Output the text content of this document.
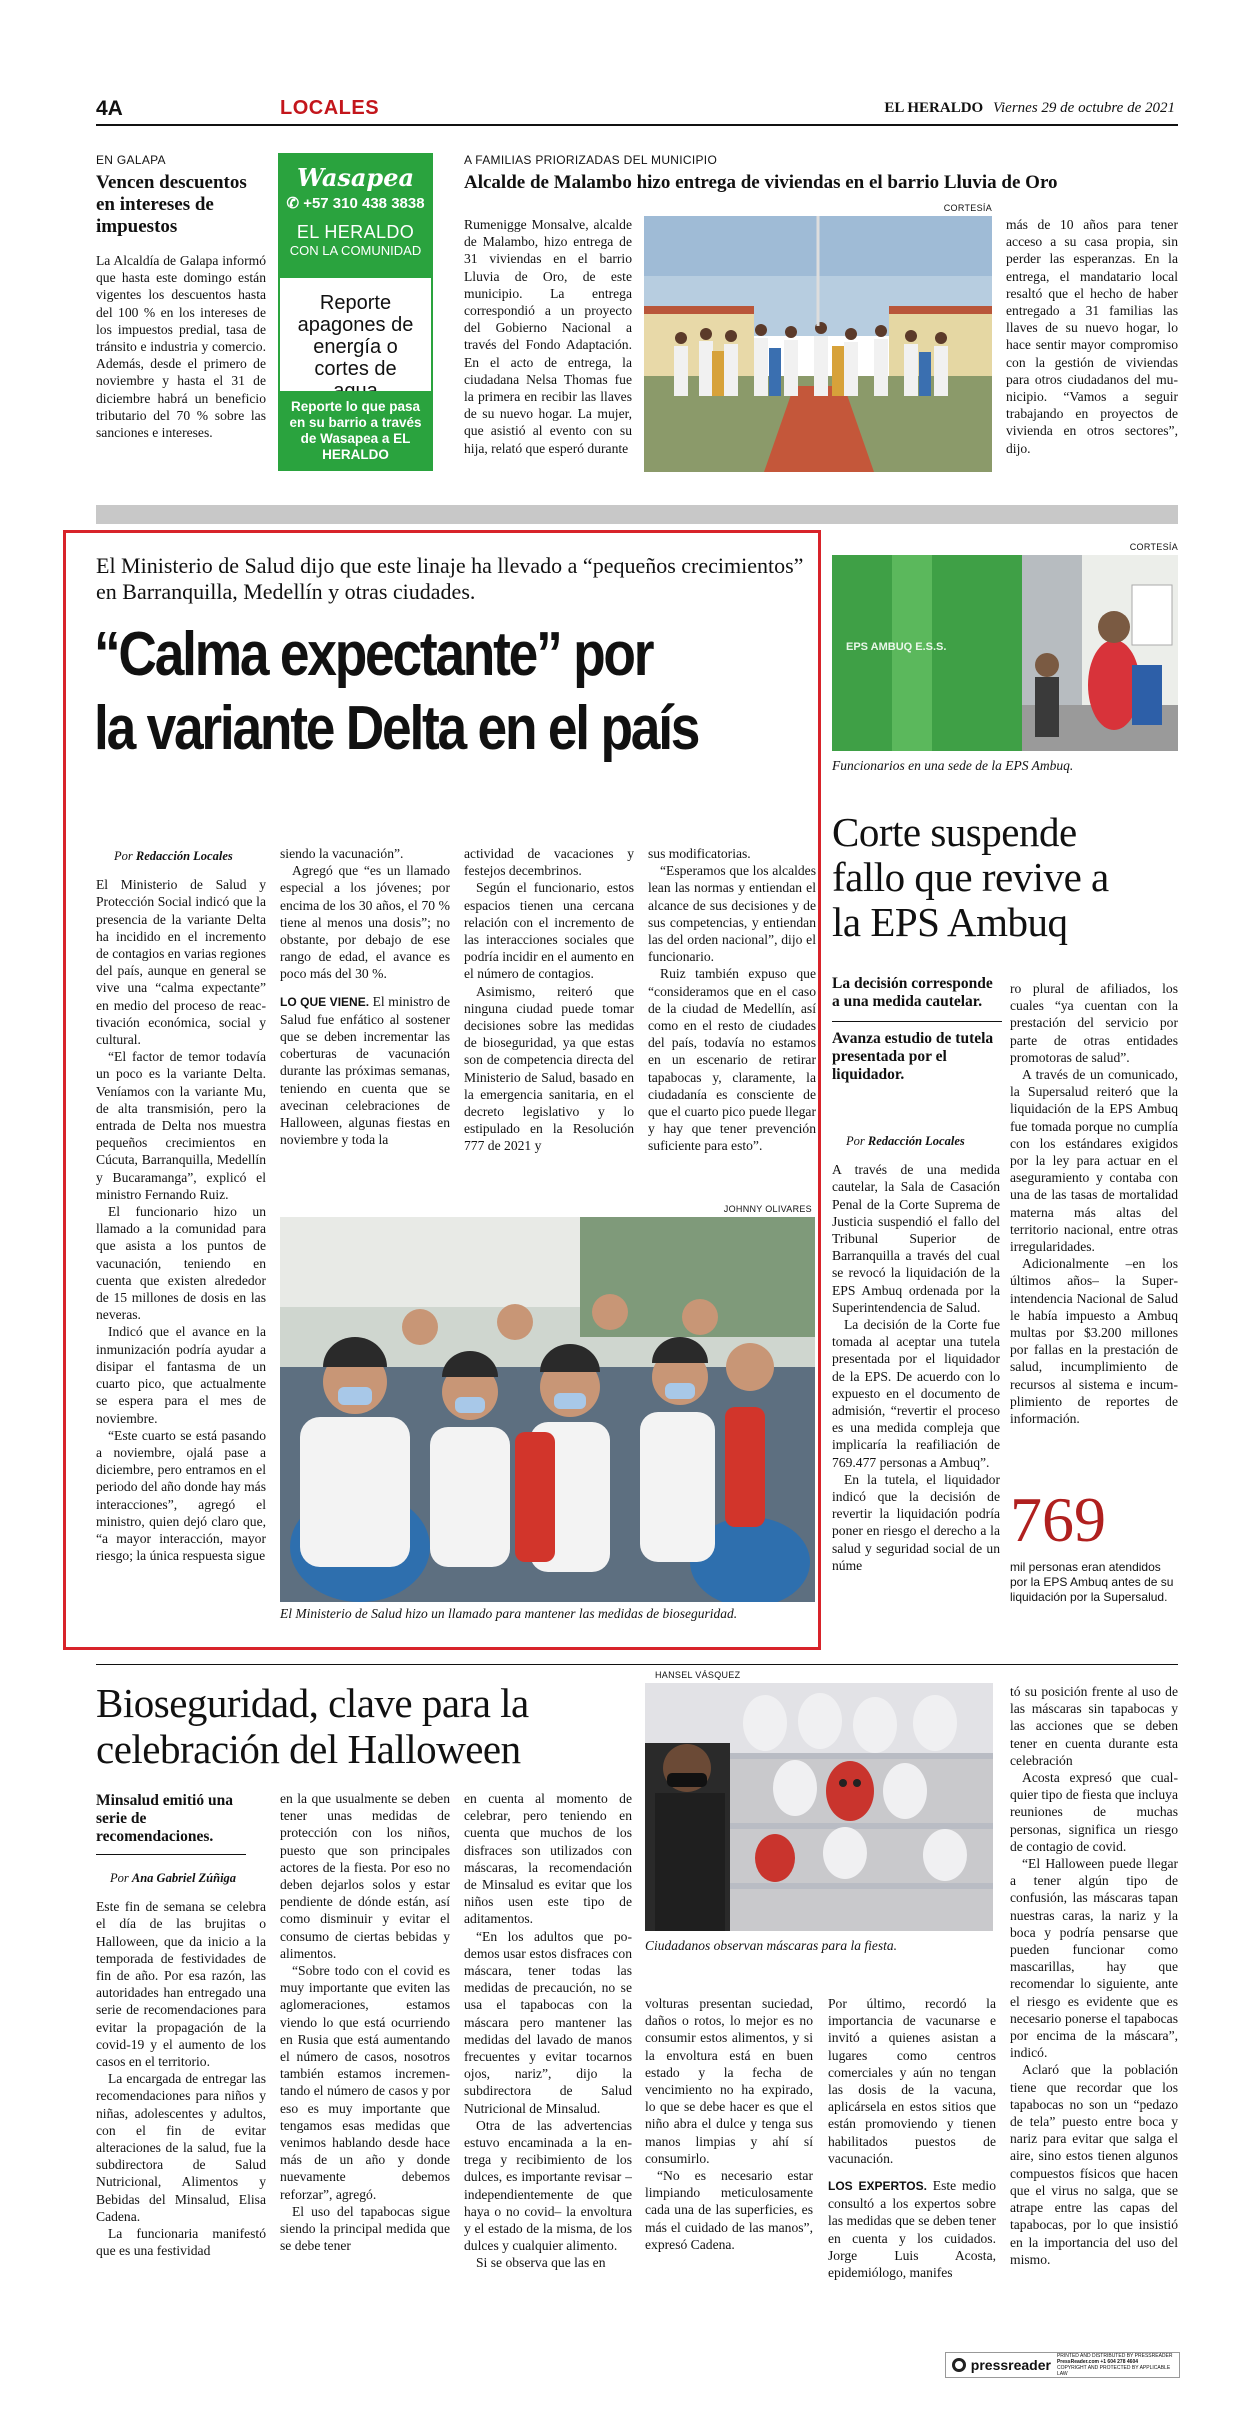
4A	LOCALES	EL HERALDO Viernes 29 de octubre de 2021
EN GALAPA
Vencen descuentos en intereses de impuestos

La Alcaldía de Galapa informó que hasta este domingo están vigentes los descuentos hasta del 100 % en los intereses de los impuestos predial, tasa de tránsito e industria y comercio. Además, desde el primero de noviembre y hasta el 31 de diciembre habrá un beneficio tributario del 70 % sobre las sanciones e intereses.

Wasapea
✆ +57 310 438 3838
EL HERALDO
CON LA COMUNIDAD
Reporte apagones de energía o cortes de
Reporte lo que pasa en su barrio a través de Wasapea a EL HERALDO
A FAMILIAS PRIORIZADAS DEL MUNICIPIO
Alcalde de Malambo hizo entrega de viviendas en el barrio Lluvia de Oro
CORTESÍA

Rumenigge Monsalve, alcalde de Malambo, hizo entrega de 31 viviendas en el barrio Lluvia de Oro, de este municipio. La entrega correspondió a un proyecto del Gobierno Nacional a través del Fondo Adaptación. En el acto de entrega, la ciudadana Nelsa Thomas fue la primera en recibir las llaves de su nuevo hogar. La mujer, que asistió al evento con su hija, relató que esperó durante

más de 10 años para tener acceso a su casa propia, sin perder las esperanzas. En la entrega, el mandatario local resaltó que el hecho de haber entregado a 31 familias las llaves de su nuevo hogar, lo hace sentir mayor compromiso con la gestión de viviendas para otros ciudadanos del municipio. “Vamos a seguir trabajando en proyectos de vivienda en otros sectores”, dijo.

El Ministerio de Salud dijo que este linaje ha llevado a “pequeños crecimientos” en Barranquilla, Medellín y otras ciudades.
“Calma expectante” por
la variante Delta en el país
Por Redacción Locales

El Ministerio de Salud y Protección Social indicó que la presencia de la variante Delta ha incidido en el incremento de contagios en varias regiones del país, aunque en general se vive una “calma expectante” en medio del proceso de reactivación económica, social y cultural.

“El factor de temor todavía un poco es la variante Delta. Veníamos con la variante Mu, de alta transmisión, pero la entrada de Delta nos muestra pequeños crecimientos en Cúcuta, Barranquilla, Medellín y Bucaramanga”, explicó el ministro Fernando Ruiz.

El funcionario hizo un llamado a la comunidad para que asista a los puntos de vacunación, teniendo en cuenta que existen alrededor de 15 millones de dosis en las neveras.

Indicó que el avance en la inmunización podría ayudar a disipar el fantasma de un cuarto pico, que actualmente se espera para el mes de noviembre.

“Este cuarto se está pasando a noviembre, ojalá pase a diciembre, pero entramos en el periodo del año donde hay más interacciones”, agregó el ministro, quien dejó claro que, “a mayor interacción, mayor riesgo; la única respuesta sigue

siendo la vacunación”.

Agregó que “es un llamado especial a los jóvenes; por encima de los 30 años, el 70 % tiene al menos una dosis”; no obstante, por debajo de ese rango de edad, el avance es poco más del 30 %.

LO QUE VIENE. El ministro de Salud fue enfático al sostener que se deben incrementar las coberturas de vacunación durante las próximas semanas, teniendo en cuenta que se avecinan celebraciones de Halloween, algunas fiestas en noviembre y toda la

actividad de vacaciones y festejos decembrinos.

Según el funcionario, estos espacios tienen una cercana relación con el incremento de las interacciones sociales que podría incidir en el aumento en el número de contagios.

Asimismo, reiteró que ninguna ciudad puede tomar decisiones sobre las medidas de bioseguridad, ya que estas son de competencia directa del Ministerio de Salud, basado en la emergencia sanitaria, en el decreto legislativo y lo estipulado en la Resolución 777 de 2021 y

sus modificatorias.

“Esperamos que los alcaldes lean las normas y entiendan el alcance de sus decisiones y de sus competencias, y entiendan las del orden nacional”, dijo el funcionario.

Ruiz también expuso que “consideramos que en el caso de la ciudad de Medellín, así como en el resto de ciudades del país, todavía no estamos en un escenario de retirar tapabocas y, claramente, la ciudadanía es consciente de que el cuarto pico puede llegar y hay que tener prevención suficiente para esto”.

JOHNNY OLIVARES
El Ministerio de Salud hizo un llamado para mantener las medidas de bioseguridad.
CORTESÍA
EPS AMBUQ E.S.S.
Funcionarios en una sede de la EPS Ambuq.
Corte suspende fallo que revive a la EPS Ambuq
La decisión corresponde a una medida cautelar.
Avanza estudio de tutela presentada por el liquidador.
Por Redacción Locales

A través de una medida cautelar, la Sala de Casación Penal de la Corte Suprema de Justicia suspendió el fallo del Tribunal Superior de Barranquilla a través del cual se revocó la liquidación de la EPS Ambuq ordenada por la Superintendencia de Salud.

La decisión de la Corte fue tomada al aceptar una tutela presentada por el liquidador de la EPS. De acuerdo con lo expuesto en el documento de admisión, “revertir el proceso es una medida compleja que implicaría la reafiliación de 769.477 personas a Ambuq”.

En la tutela, el liquidador indicó que la decisión de revertir la liquidación podría poner en riesgo el derecho a la salud y seguridad social de un núme

ro plural de afiliados, los cuales “ya cuentan con la prestación del servicio por parte de otras entidades promotoras de salud”.

A través de un comunicado, la Supersalud reiteró que la liquidación de la EPS Ambuq fue tomada porque no cumplía con los estándares exigidos por la ley para actuar en el aseguramiento y contaba con una de las tasas de mortalidad materna más altas del territorio nacional, entre otras irregularidades.

Adicionalmente –en los últimos años– la Superintendencia Nacional de Salud le había impuesto a Ambuq multas por $3.200 millones por fallas en la prestación de salud, incumplimiento de recursos al sistema e incumplimiento de reportes de información.

769
mil personas eran atendidos por la EPS Ambuq antes de su liquidación por la Supersalud.
Bioseguridad, clave para la celebración del Halloween
HANSEL VÁSQUEZ
Ciudadanos observan máscaras para la fiesta.
Minsalud emitió una serie de recomendaciones.
Por Ana Gabriel Zúñiga

Este fin de semana se celebra el día de las brujitas o Halloween, que da inicio a la temporada de festividades de fin de año. Por esa razón, las autoridades han entregado una serie de recomendaciones para evitar la propagación de la covid-19 y el aumento de los casos en el territorio.

La encargada de entregar las recomendaciones para niños y niñas, adolescentes y adultos, con el fin de evitar alteraciones de la salud, fue la subdirectora de Salud Nutricional, Alimentos y Bebidas del Minsalud, Elisa Cadena.

La funcionaria manifestó que es una festividad

en la que usualmente se deben tener unas medidas de protección con los niños, puesto que son principales actores de la fiesta. Por eso no deben dejarlos solos y estar pendiente de dónde están, así como disminuir y evitar el consumo de ciertas bebidas y alimentos.

“Sobre todo con el covid es muy importante que eviten las aglomeraciones, estamos viendo lo que está ocurriendo en Rusia que está aumentando el número de casos, nosotros también estamos incrementando el número de casos y por eso es muy importante que tengamos esas medidas que venimos hablando desde hace más de un año y donde nuevamente debemos reforzar”, agregó.

El uso del tapabocas sigue siendo la principal medida que se debe tener

en cuenta al momento de celebrar, pero teniendo en cuenta que muchos de los disfraces son utilizados con máscaras, la recomendación de Minsalud es evitar que los niños usen este tipo de aditamentos.

“En los adultos que podemos usar estos disfraces con máscara, tener todas las medidas de precaución, no se usa el tapabocas con la máscara pero mantener las medidas del lavado de manos frecuentes y evitar tocarnos ojos, nariz”, dijo la subdirectora de Salud Nutricional de Minsalud.

Otra de las advertencias estuvo encaminada a la entrega y recibimiento de los dulces, es importante revisar –independientemente de que haya o no covid– la envoltura y el estado de la misma, de los dulces y cualquier alimento.

Si se observa que las en

volturas presentan suciedad, daños o rotos, lo mejor es no consumir estos alimentos, y si la envoltura está en buen estado y la fecha de vencimiento no ha expirado, lo que se debe hacer es que el niño abra el dulce y tenga sus manos limpias y ahí sí consumirlo.

“No es necesario estar limpiando meticulosamente cada una de las superficies, es más el cuidado de las manos”, expresó Cadena.

Por último, recordó la importancia de vacunarse e invitó a quienes asistan a lugares como centros comerciales y aún no tengan las dosis de la vacuna, aplicársela en estos sitios que están promoviendo y tienen habilitados puestos de vacunación.

LOS EXPERTOS. Este medio consultó a los expertos sobre las medidas que se deben tener en cuenta y los cuidados. Jorge Luis Acosta, epidemiólogo, manifes

tó su posición frente al uso de las máscaras sin tapabocas y las acciones que se deben tener en cuenta durante esta celebración

Acosta expresó que cualquier tipo de fiesta que incluya reuniones de muchas personas, significa un riesgo de contagio de covid.

“El Halloween puede llegar a tener algún tipo de confusión, las máscaras tapan nuestras caras, la nariz y la boca y podría pensarse que pueden funcionar como mascarillas, hay que recomendar lo siguiente, ante el riesgo es evidente que es necesario ponerse el tapabocas por encima de la máscara”, indicó.

Aclaró que la población tiene que recordar que los tapabocas no son un “pedazo de tela” puesto entre boca y nariz para evitar que salga el aire, sino estos tienen algunos compuestos físicos que hacen que el virus no salga, que se atrape entre las capas del tapabocas, por lo que insistió en la importancia del uso del mismo.

pressreader
PRINTED AND DISTRIBUTED BY PRESSREADER
PressReader.com +1 604 278 4604
COPYRIGHT AND PROTECTED BY APPLICABLE LAW
